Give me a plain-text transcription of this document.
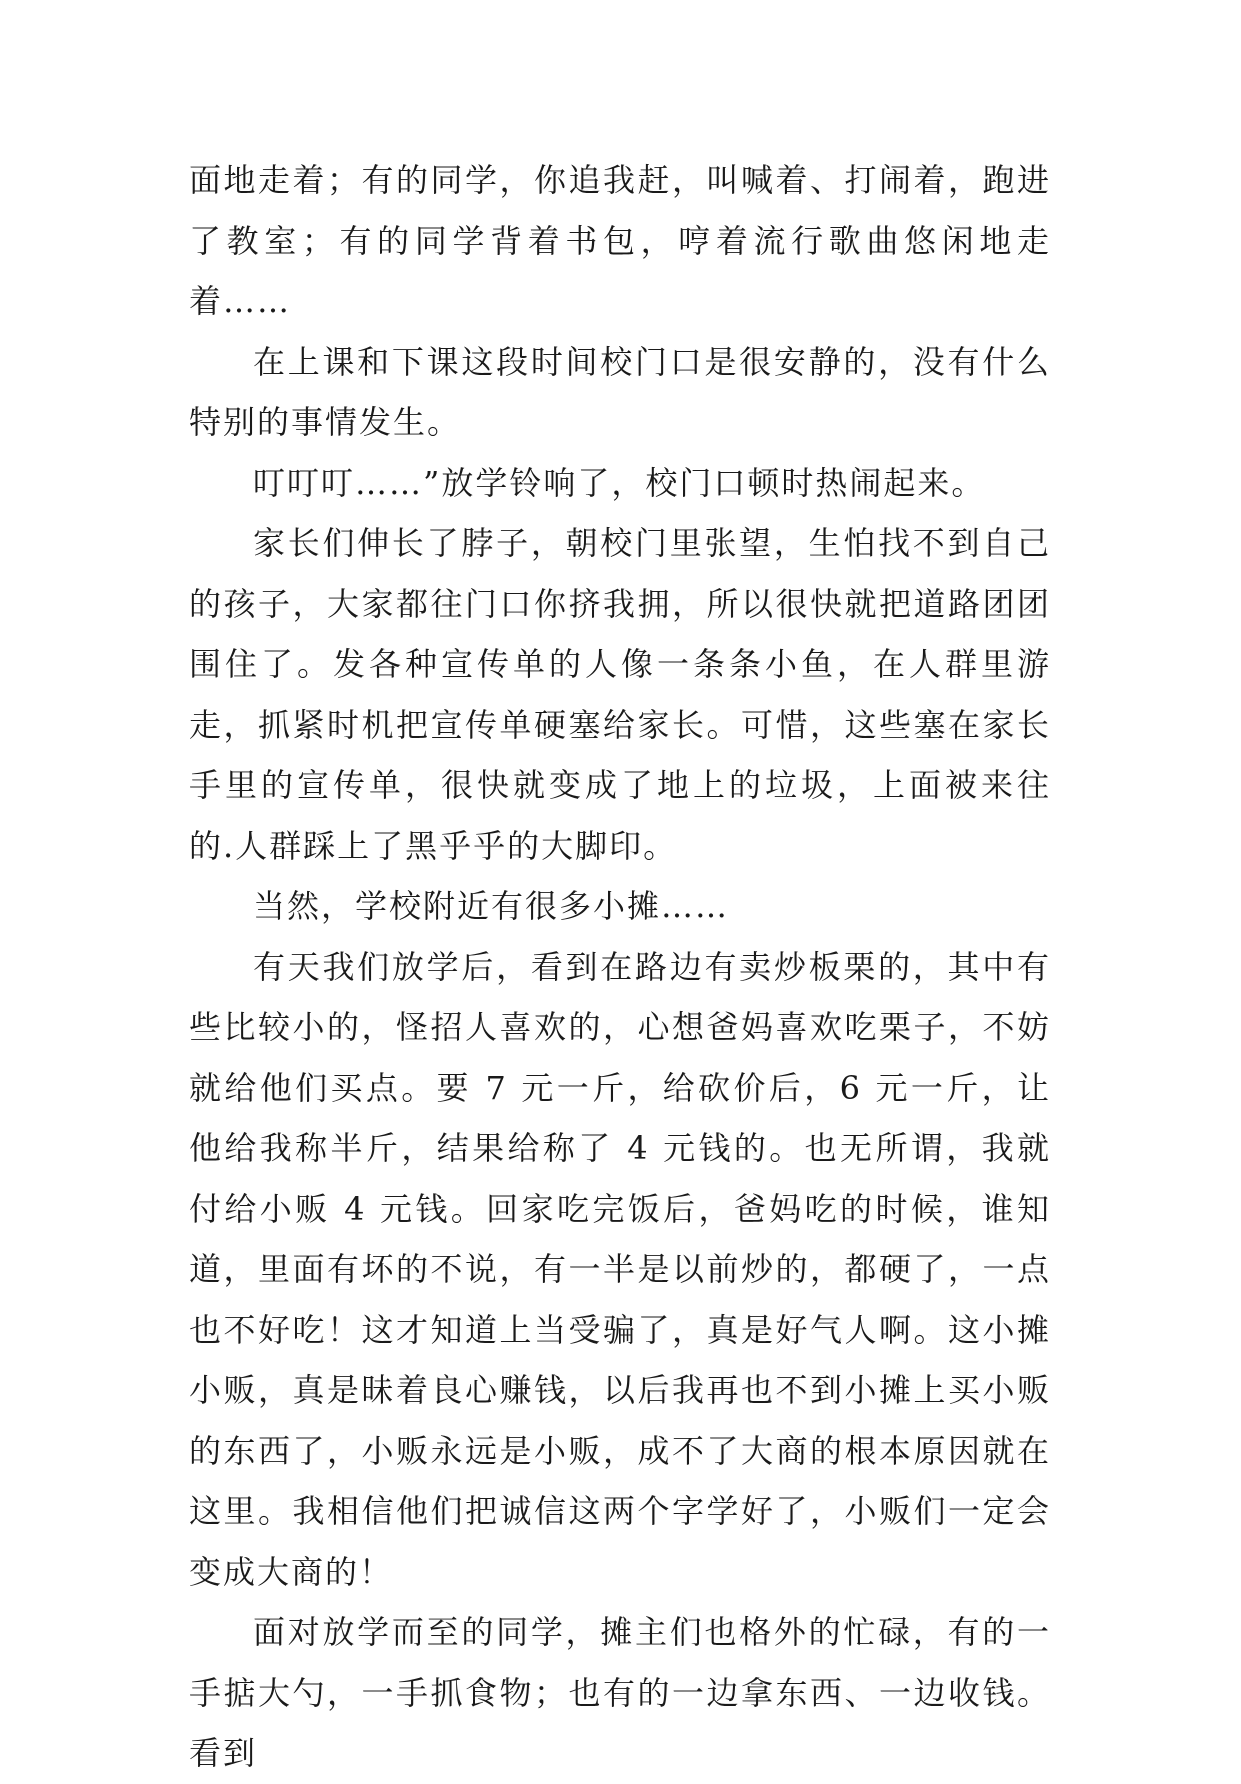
面地走着；有的同学，你追我赶，叫喊着、打闹着，跑进了教室；有的同学背着书包，哼着流行歌曲悠闲地走着……

在上课和下课这段时间校门口是很安静的，没有什么特别的事情发生。

叮叮叮……”放学铃响了，校门口顿时热闹起来。

家长们伸长了脖子，朝校门里张望，生怕找不到自己的孩子，大家都往门口你挤我拥，所以很快就把道路团团围住了。发各种宣传单的人像一条条小鱼，在人群里游走，抓紧时机把宣传单硬塞给家长。可惜，这些塞在家长手里的宣传单，很快就变成了地上的垃圾，上面被来往的.人群踩上了黑乎乎的大脚印。

当然，学校附近有很多小摊……

有天我们放学后，看到在路边有卖炒板栗的，其中有些比较小的，怪招人喜欢的，心想爸妈喜欢吃栗子，不妨就给他们买点。要 7 元一斤，给砍价后，6 元一斤，让他给我称半斤，结果给称了 4 元钱的。也无所谓，我就付给小贩 4 元钱。回家吃完饭后，爸妈吃的时候，谁知道，里面有坏的不说，有一半是以前炒的，都硬了，一点也不好吃！这才知道上当受骗了，真是好气人啊。这小摊小贩，真是昧着良心赚钱，以后我再也不到小摊上买小贩的东西了，小贩永远是小贩，成不了大商的根本原因就在这里。我相信他们把诚信这两个字学好了，小贩们一定会变成大商的！

面对放学而至的同学，摊主们也格外的忙碌，有的一手掂大勺，一手抓食物；也有的一边拿东西、一边收钱。看到
